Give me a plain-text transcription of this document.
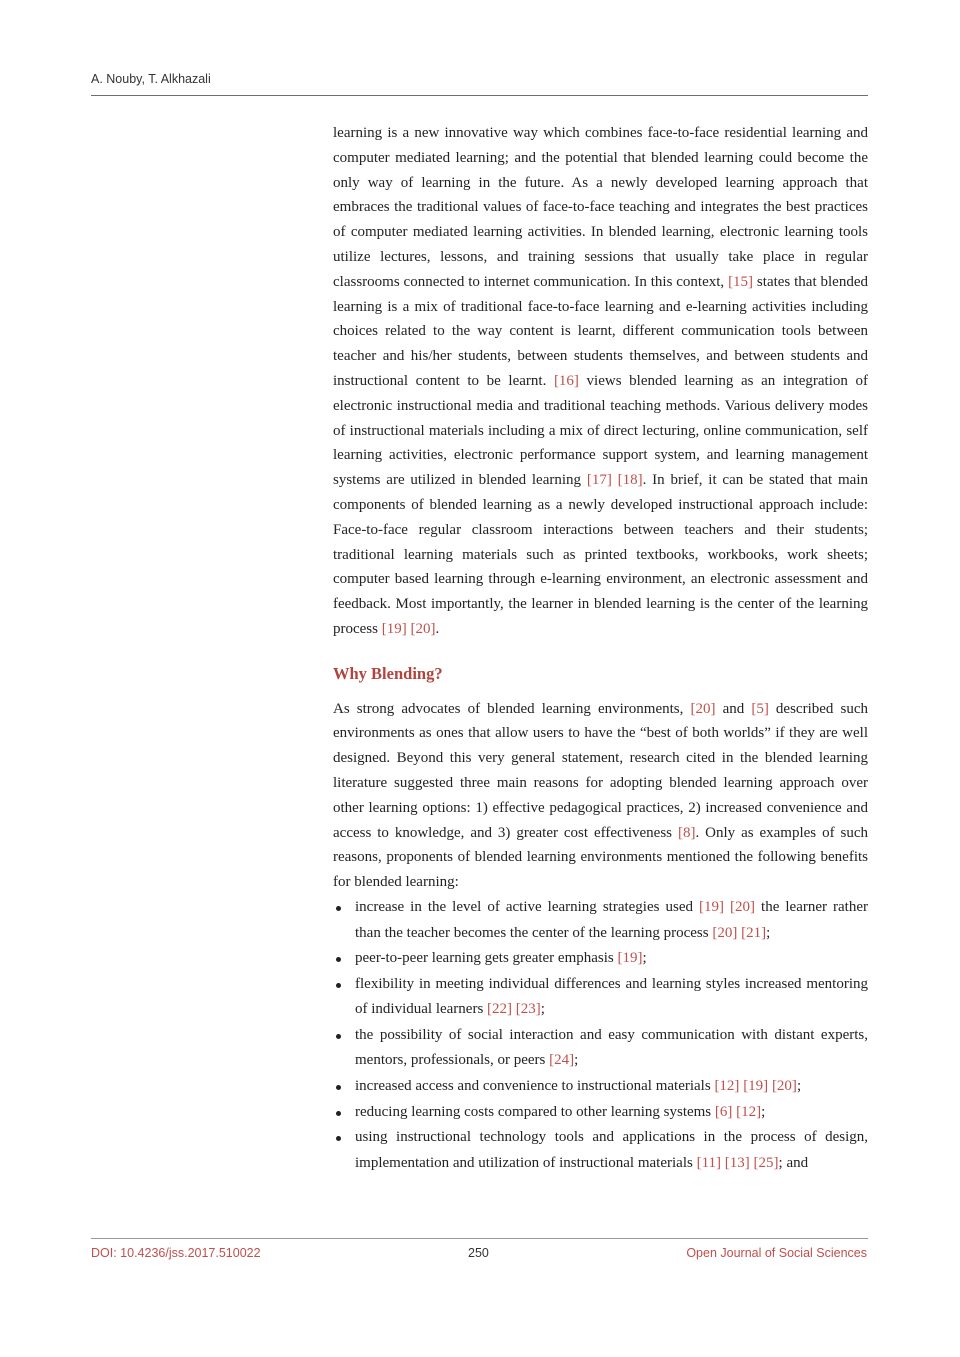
A. Nouby, T. Alkhazali

learning is a new innovative way which combines face-to-face residential learning and computer mediated learning; and the potential that blended learning could become the only way of learning in the future. As a newly developed learning approach that embraces the traditional values of face-to-face teaching and integrates the best practices of computer mediated learning activities. In blended learning, electronic learning tools utilize lectures, lessons, and training sessions that usually take place in regular classrooms connected to internet communication. In this context, [15] states that blended learning is a mix of traditional face-to-face learning and e-learning activities including choices related to the way content is learnt, different communication tools between teacher and his/her students, between students themselves, and between students and instructional content to be learnt. [16] views blended learning as an integration of electronic instructional media and traditional teaching methods. Various delivery modes of instructional materials including a mix of direct lecturing, online communication, self learning activities, electronic performance support system, and learning management systems are utilized in blended learning [17] [18]. In brief, it can be stated that main components of blended learning as a newly developed instructional approach include: Face-to-face regular classroom interactions between teachers and their students; traditional learning materials such as printed textbooks, workbooks, work sheets; computer based learning through e-learning environment, an electronic assessment and feedback. Most importantly, the learner in blended learning is the center of the learning process [19] [20].

Why Blending?

As strong advocates of blended learning environments, [20] and [5] described such environments as ones that allow users to have the “best of both worlds” if they are well designed. Beyond this very general statement, research cited in the blended learning literature suggested three main reasons for adopting blended learning approach over other learning options: 1) effective pedagogical practices, 2) increased convenience and access to knowledge, and 3) greater cost effectiveness [8]. Only as examples of such reasons, proponents of blended learning environments mentioned the following benefits for blended learning:

increase in the level of active learning strategies used [19] [20] the learner rather than the teacher becomes the center of the learning process [20] [21];
peer-to-peer learning gets greater emphasis [19];
flexibility in meeting individual differences and learning styles increased mentoring of individual learners [22] [23];
the possibility of social interaction and easy communication with distant experts, mentors, professionals, or peers [24];
increased access and convenience to instructional materials [12] [19] [20];
reducing learning costs compared to other learning systems [6] [12];
using instructional technology tools and applications in the process of design, implementation and utilization of instructional materials [11] [13] [25]; and
DOI: 10.4236/jss.2017.510022	250	Open Journal of Social Sciences
